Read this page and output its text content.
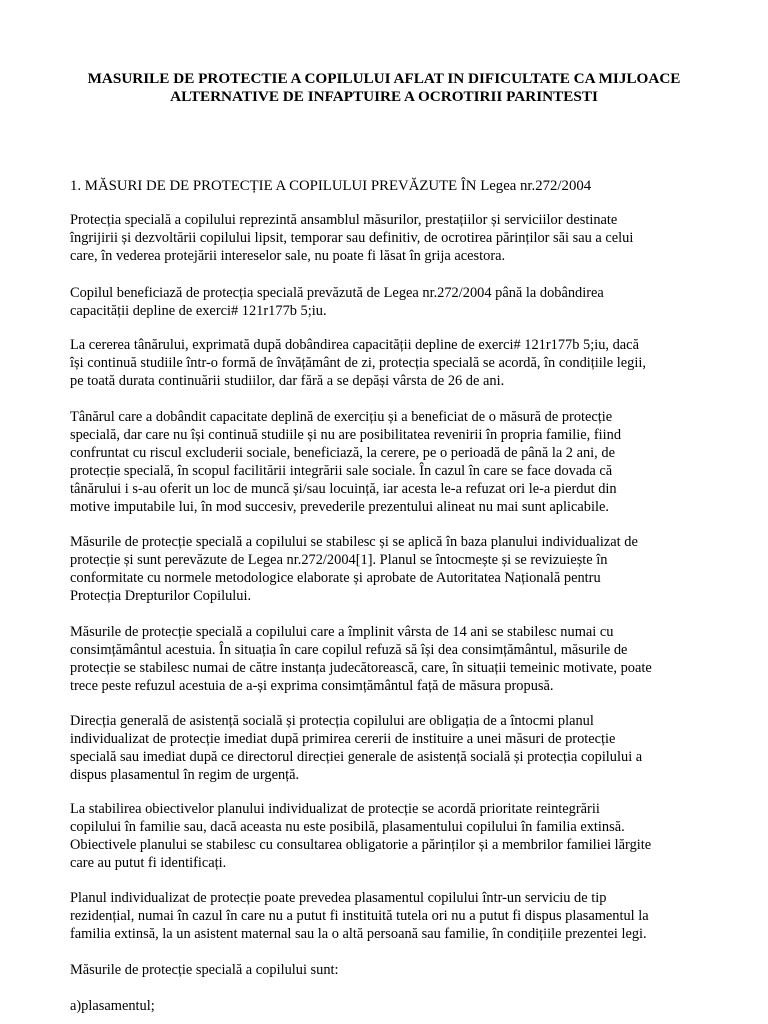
MASURILE DE PROTECTIE A COPILULUI AFLAT IN DIFICULTATE CA MIJLOACE
ALTERNATIVE DE INFAPTUIRE A OCROTIRII PARINTESTI
1. MĂSURI DE DE PROTECȚIE A COPILULUI PREVĂZUTE ÎN Legea nr.272/2004
Protecția specială a copilului reprezintă ansamblul măsurilor, prestațiilor și serviciilor destinate
îngrijirii și dezvoltării copilului lipsit, temporar sau definitiv, de ocrotirea părinților săi sau a celui
care, în vederea protejării intereselor sale, nu poate fi lăsat în grija acestora.
Copilul beneficiază de protecția specială prevăzută de Legea nr.272/2004 până la dobândirea
capacității depline de exerci# 121r177b 5;iu.
La cererea tânărului, exprimată după dobândirea capacității depline de exerci# 121r177b 5;iu, dacă
își continuă studiile într-o formă de învățământ de zi, protecția specială se acordă, în condițiile legii,
pe toată durata continuării studiilor, dar fără a se depăși vârsta de 26 de ani.
Tânărul care a dobândit capacitate deplină de exercițiu și a beneficiat de o măsură de protecție
specială, dar care nu își continuă studiile și nu are posibilitatea revenirii în propria familie, fiind
confruntat cu riscul excluderii sociale, beneficiază, la cerere, pe o perioadă de până la 2 ani, de
protecție specială, în scopul facilitării integrării sale sociale. În cazul în care se face dovada că
tânărului i s-au oferit un loc de muncă și/sau locuință, iar acesta le-a refuzat ori le-a pierdut din
motive imputabile lui, în mod succesiv, prevederile prezentului alineat nu mai sunt aplicabile.
Măsurile de protecție specială a copilului se stabilesc și se aplică în baza planului individualizat de
protecție și sunt perevăzute de Legea nr.272/2004[1]. Planul se întocmește și se revizuiește în
conformitate cu normele metodologice elaborate și aprobate de Autoritatea Națională pentru
Protecția Drepturilor Copilului.
Măsurile de protecție specială a copilului care a împlinit vârsta de 14 ani se stabilesc numai cu
consimțământul acestuia. În situația în care copilul refuză să își dea consimțământul, măsurile de
protecție se stabilesc numai de către instanța judecătorească, care, în situații temeinic motivate, poate
trece peste refuzul acestuia de a-și exprima consimțământul față de măsura propusă.
Direcția generală de asistență socială și protecția copilului are obligația de a întocmi planul
individualizat de protecție imediat după primirea cererii de instituire a unei măsuri de protecție
specială sau imediat după ce directorul direcției generale de asistență socială și protecția copilului a
dispus plasamentul în regim de urgență.
La stabilirea obiectivelor planului individualizat de protecție se acordă prioritate reintegrării
copilului în familie sau, dacă aceasta nu este posibilă, plasamentului copilului în familia extinsă.
Obiectivele planului se stabilesc cu consultarea obligatorie a părinților și a membrilor familiei lărgite
care au putut fi identificați.
Planul individualizat de protecție poate prevedea plasamentul copilului într-un serviciu de tip
rezidențial, numai în cazul în care nu a putut fi instituită tutela ori nu a putut fi dispus plasamentul la
familia extinsă, la un asistent maternal sau la o altă persoană sau familie, în condițiile prezentei legi.
Măsurile de protecție specială a copilului sunt:
a)plasamentul;
